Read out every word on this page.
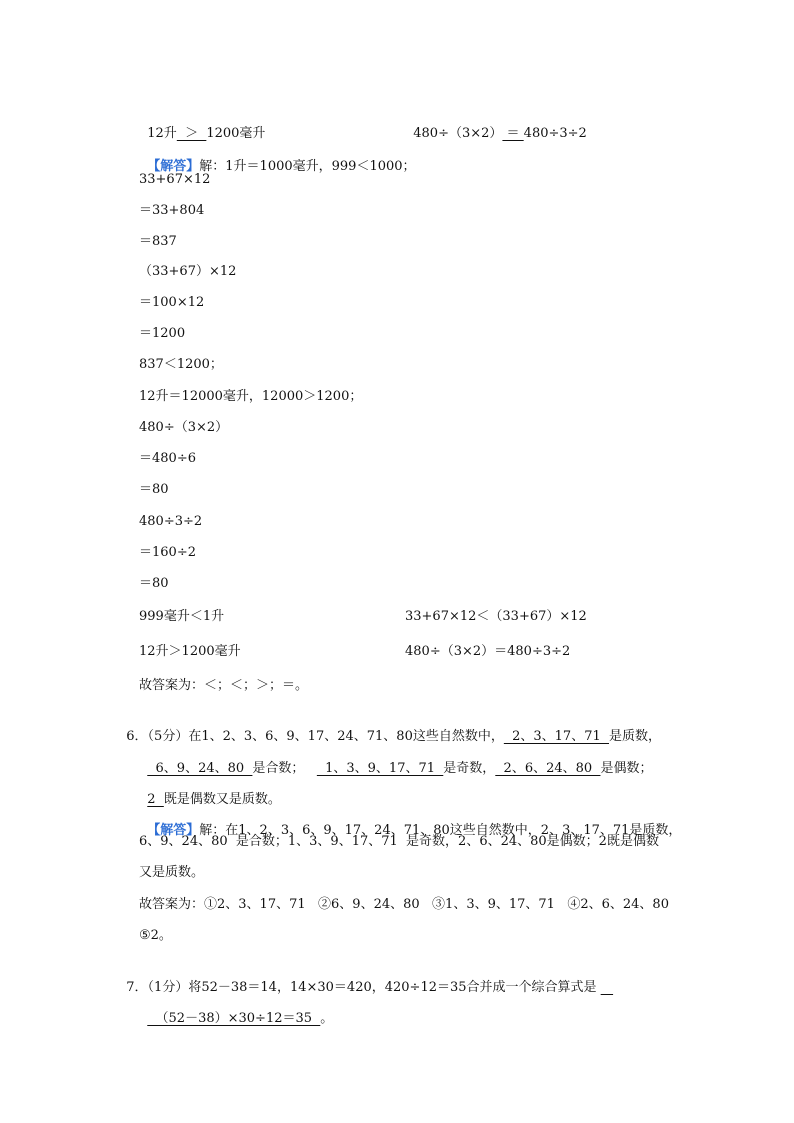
12升  ＞  1200毫升	480÷（3×2） ＝ 480÷3÷2

【解答】解：1升＝1000毫升，999＜1000；

33+67×12
＝33+804
＝837
（33+67）×12
＝100×12
＝1200
837＜1200；
12升＝12000毫升，12000＞1200；
480÷（3×2）
＝480÷6
＝80
480÷3÷2
＝160÷2
＝80
999毫升＜1升	33+67×12＜（33+67）×12
12升＞1200毫升	480÷（3×2）＝480÷3÷2
故答案为：＜；＜；＞；＝。

6．（5分）在1、2、3、6、9、17、24、71、80这些自然数中，  2、3、17、71  是质数，

6、9、24、80  是合数；     1、3、9、17、71  是奇数，  2、6、24、80  是偶数；

2  既是偶数又是质数。

【解答】解：在1、2、3、6、9、17、24、71、80这些自然数中，2、3、17、71是质数，

6、9、24、80  是合数；1、3、9、17、71  是奇数，2、6、24、80是偶数；2既是偶数
又是质数。
故答案为：①2、3、17、71   ②6、9、24、80   ③1、3、9、17、71   ④2、6、24、80
⑤2。

7．（1分）将52－38＝14，14×30＝420，420÷12＝35合并成一个综合算式是

（52－38）×30÷12＝35  。
